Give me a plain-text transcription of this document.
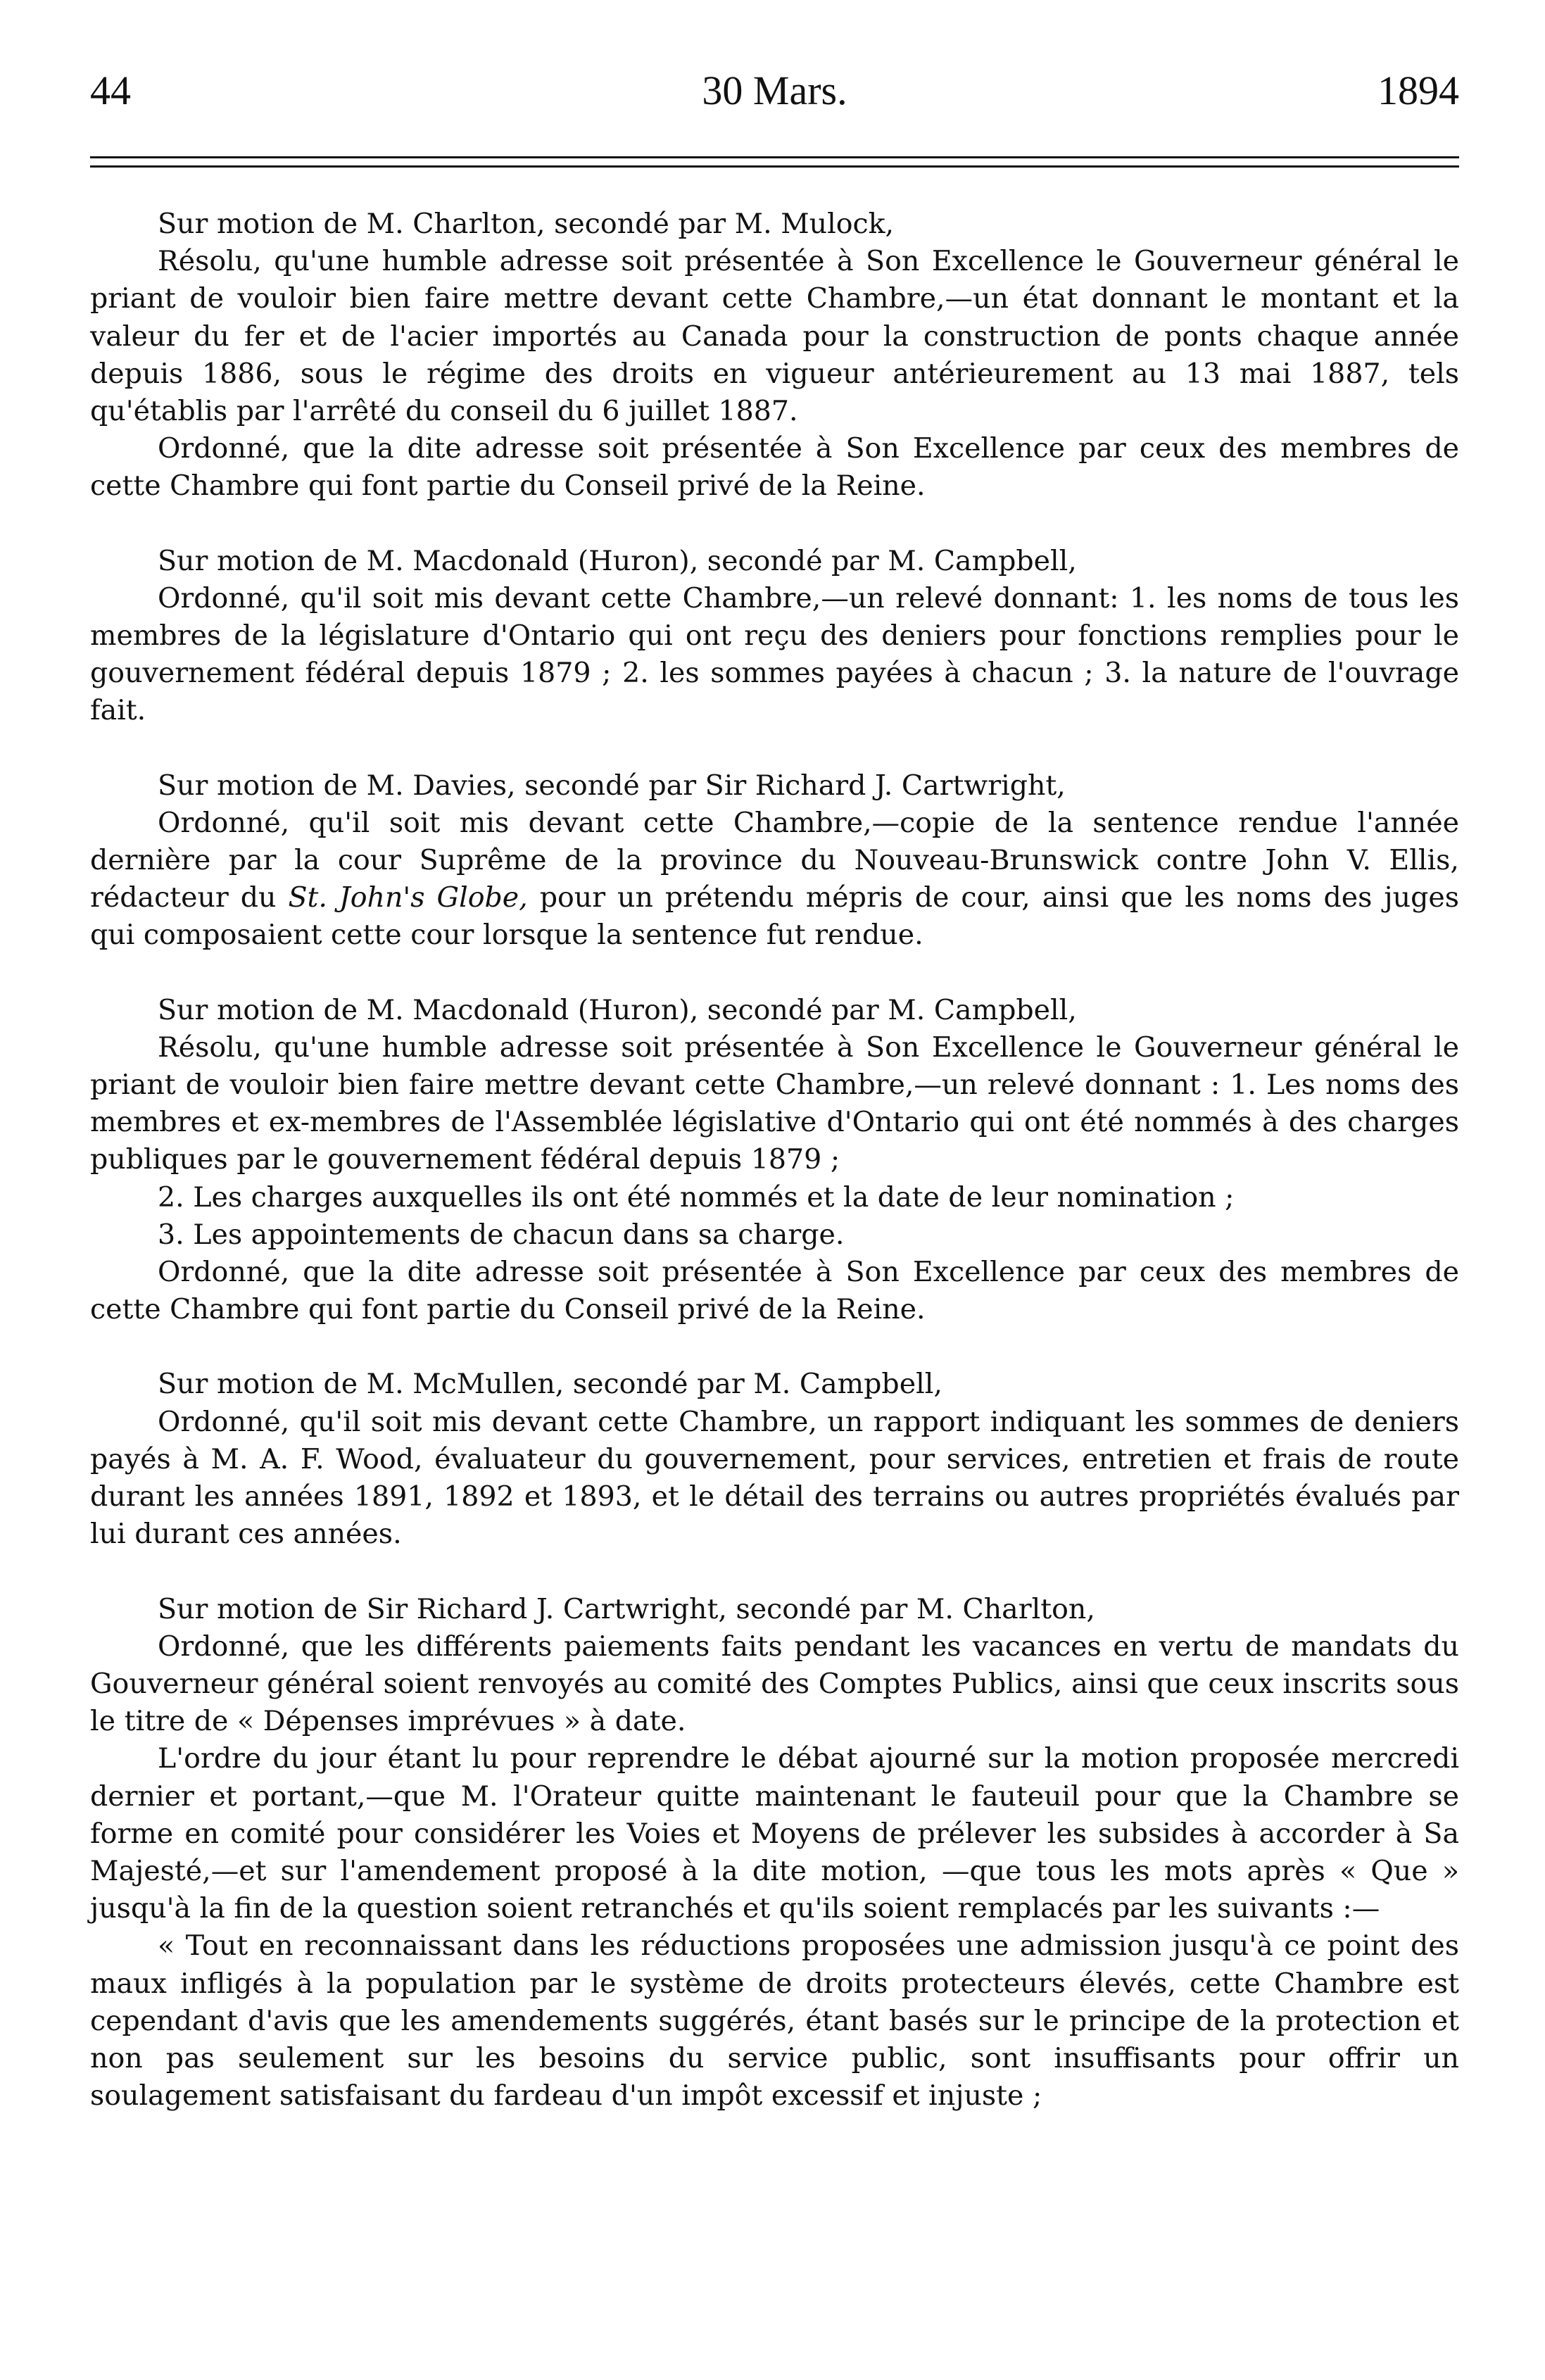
44	30 Mars.	1894

Sur motion de M. Charlton, secondé par M. Mulock,

Résolu, qu'une humble adresse soit présentée à Son Excellence le Gouverneur général le priant de vouloir bien faire mettre devant cette Chambre,—un état donnant le montant et la valeur du fer et de l'acier importés au Canada pour la construction de ponts chaque année depuis 1886, sous le régime des droits en vigueur antérieurement au 13 mai 1887, tels qu'établis par l'arrêté du conseil du 6 juillet 1887.

Ordonné, que la dite adresse soit présentée à Son Excellence par ceux des membres de cette Chambre qui font partie du Conseil privé de la Reine.

Sur motion de M. Macdonald (Huron), secondé par M. Campbell,

Ordonné, qu'il soit mis devant cette Chambre,—un relevé donnant: 1. les noms de tous les membres de la législature d'Ontario qui ont reçu des deniers pour fonctions remplies pour le gouvernement fédéral depuis 1879 ; 2. les sommes payées à chacun ; 3. la nature de l'ouvrage fait.

Sur motion de M. Davies, secondé par Sir Richard J. Cartwright,

Ordonné, qu'il soit mis devant cette Chambre,—copie de la sentence rendue l'année dernière par la cour Suprême de la province du Nouveau-Brunswick contre John V. Ellis, rédacteur du St. John's Globe, pour un prétendu mépris de cour, ainsi que les noms des juges qui composaient cette cour lorsque la sentence fut rendue.

Sur motion de M. Macdonald (Huron), secondé par M. Campbell,

Résolu, qu'une humble adresse soit présentée à Son Excellence le Gouverneur général le priant de vouloir bien faire mettre devant cette Chambre,—un relevé donnant : 1. Les noms des membres et ex-membres de l'Assemblée législative d'Ontario qui ont été nommés à des charges publiques par le gouvernement fédéral depuis 1879 ;

2. Les charges auxquelles ils ont été nommés et la date de leur nomination ;

3. Les appointements de chacun dans sa charge.

Ordonné, que la dite adresse soit présentée à Son Excellence par ceux des membres de cette Chambre qui font partie du Conseil privé de la Reine.

Sur motion de M. McMullen, secondé par M. Campbell,

Ordonné, qu'il soit mis devant cette Chambre, un rapport indiquant les sommes de deniers payés à M. A. F. Wood, évaluateur du gouvernement, pour services, entretien et frais de route durant les années 1891, 1892 et 1893, et le détail des terrains ou autres propriétés évalués par lui durant ces années.

Sur motion de Sir Richard J. Cartwright, secondé par M. Charlton,

Ordonné, que les différents paiements faits pendant les vacances en vertu de mandats du Gouverneur général soient renvoyés au comité des Comptes Publics, ainsi que ceux inscrits sous le titre de « Dépenses imprévues » à date.

L'ordre du jour étant lu pour reprendre le débat ajourné sur la motion proposée mercredi dernier et portant,—que M. l'Orateur quitte maintenant le fauteuil pour que la Chambre se forme en comité pour considérer les Voies et Moyens de prélever les subsides à accorder à Sa Majesté,—et sur l'amendement proposé à la dite motion, —que tous les mots après « Que » jusqu'à la fin de la question soient retranchés et qu'ils soient remplacés par les suivants :—

« Tout en reconnaissant dans les réductions proposées une admission jusqu'à ce point des maux infligés à la population par le système de droits protecteurs élevés, cette Chambre est cependant d'avis que les amendements suggérés, étant basés sur le principe de la protection et non pas seulement sur les besoins du service public, sont insuffisants pour offrir un soulagement satisfaisant du fardeau d'un impôt excessif et injuste ;
